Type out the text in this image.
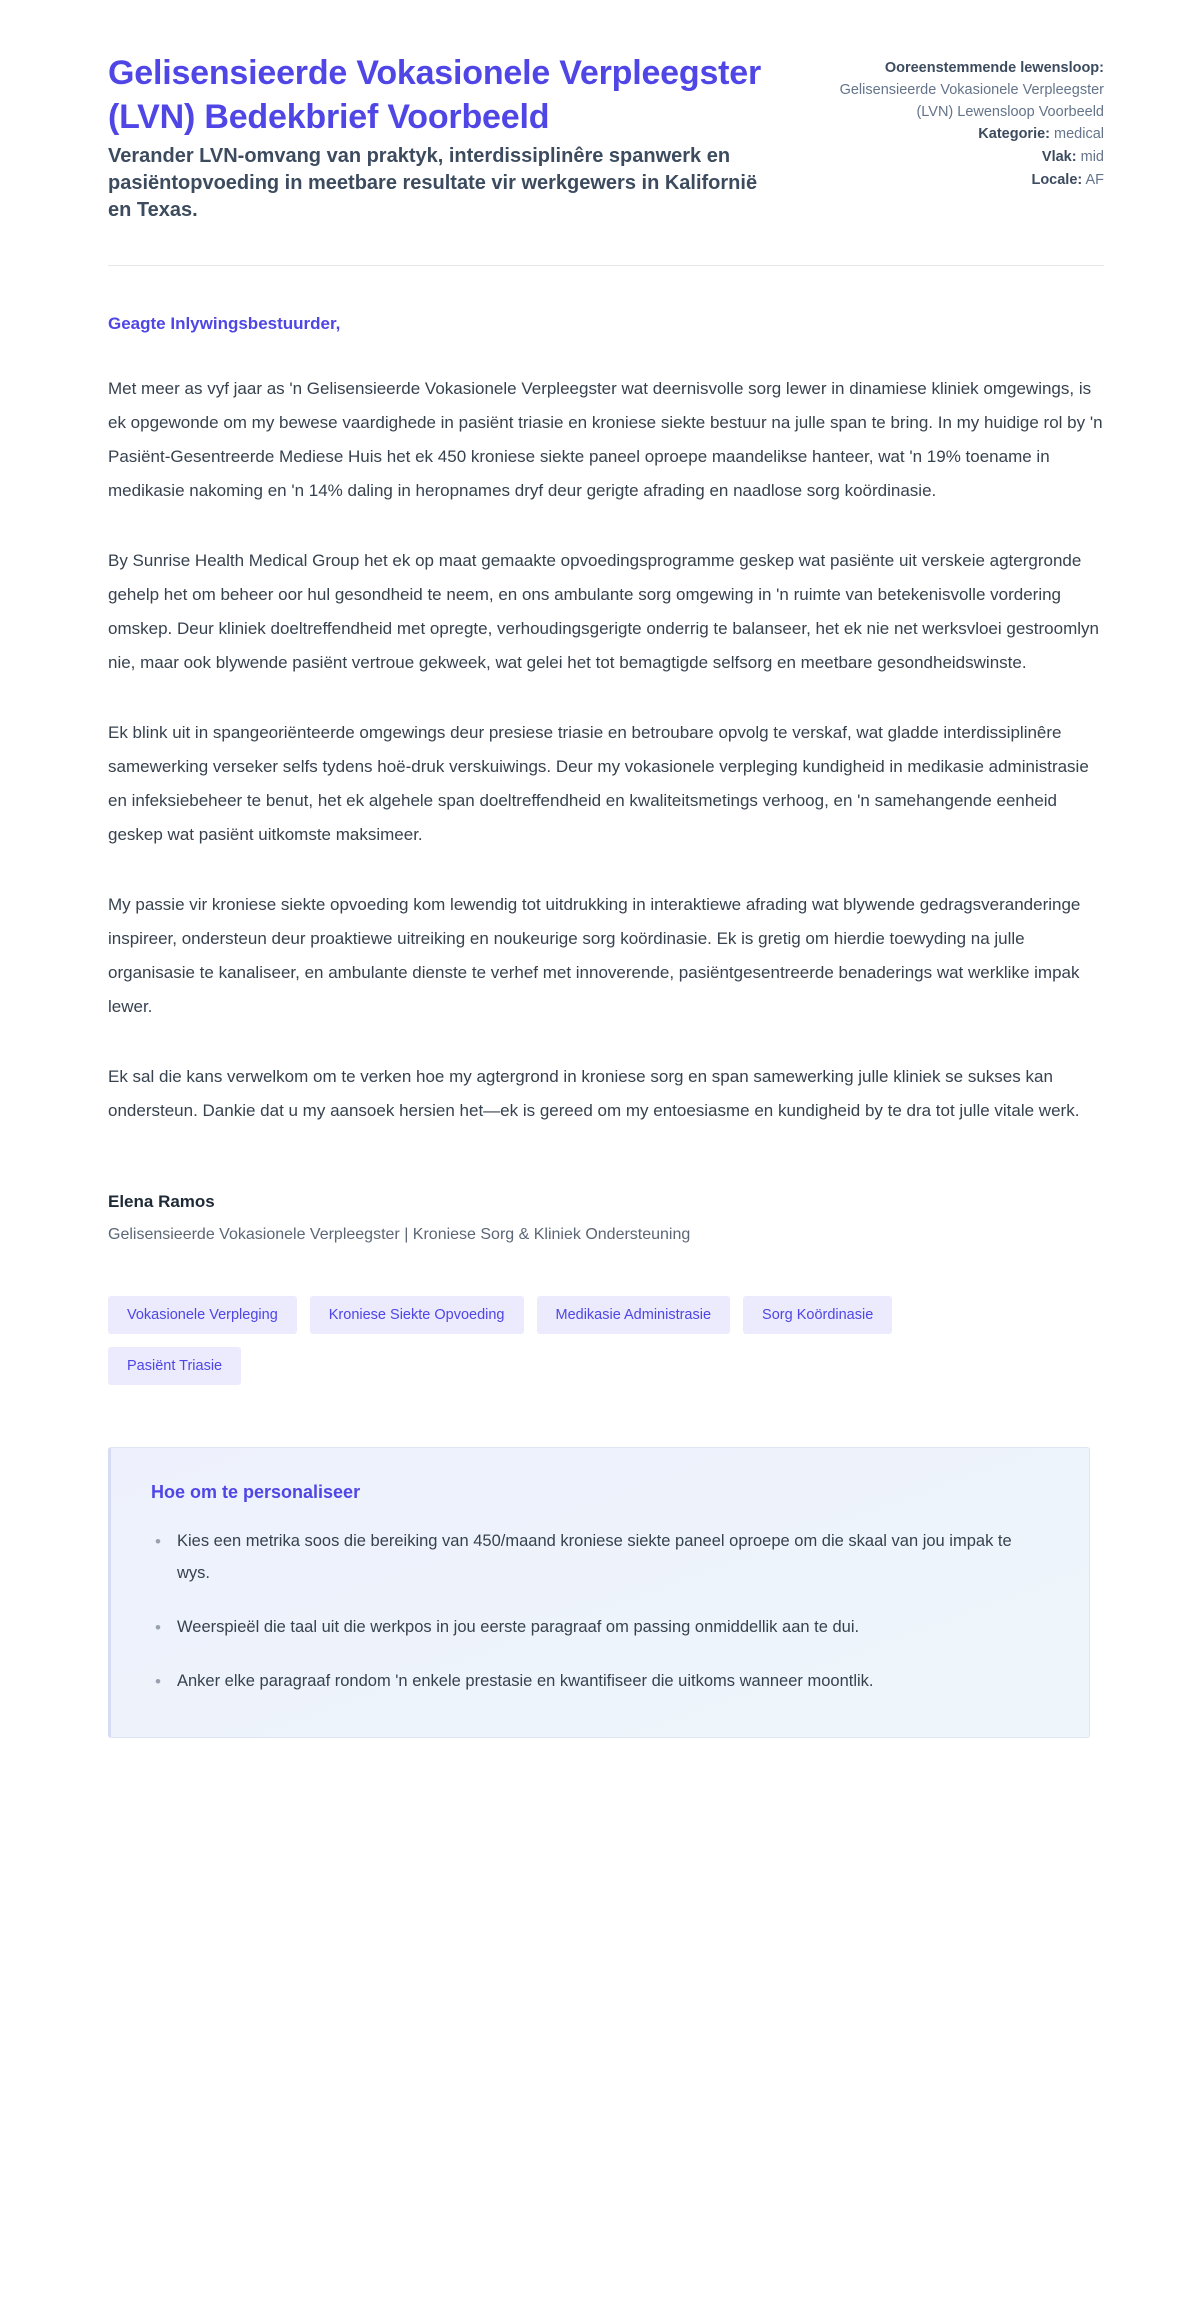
Gelisensieerde Vokasionele Verpleegster (LVN) Bedekbrief Voorbeeld

Verander LVN-omvang van praktyk, interdissiplinêre spanwerk en pasiëntopvoeding in meetbare resultate vir werkgewers in Kalifornië en Texas.

Ooreenstemmende lewensloop: Gelisensieerde Vokasionele Verpleegster (LVN) Lewensloop Voorbeeld
Kategorie: medical
Vlak: mid
Locale: AF

Geagte Inlywingsbestuurder,

Met meer as vyf jaar as 'n Gelisensieerde Vokasionele Verpleegster wat deernisvolle sorg lewer in dinamiese kliniek omgewings, is ek opgewonde om my bewese vaardighede in pasiënt triasie en kroniese siekte bestuur na julle span te bring. In my huidige rol by 'n Pasiënt-Gesentreerde Mediese Huis het ek 450 kroniese siekte paneel oproepe maandelikse hanteer, wat 'n 19% toename in medikasie nakoming en 'n 14% daling in heropnames dryf deur gerigte afrading en naadlose sorg koördinasie.

By Sunrise Health Medical Group het ek op maat gemaakte opvoedingsprogramme geskep wat pasiënte uit verskeie agtergronde gehelp het om beheer oor hul gesondheid te neem, en ons ambulante sorg omgewing in 'n ruimte van betekenisvolle vordering omskep. Deur kliniek doeltreffendheid met opregte, verhoudingsgerigte onderrig te balanseer, het ek nie net werksvloei gestroomlyn nie, maar ook blywende pasiënt vertroue gekweek, wat gelei het tot bemagtigde selfsorg en meetbare gesondheidswinste.

Ek blink uit in spangeoriënteerde omgewings deur presiese triasie en betroubare opvolg te verskaf, wat gladde interdissiplinêre samewerking verseker selfs tydens hoë-druk verskuiwings. Deur my vokasionele verpleging kundigheid in medikasie administrasie en infeksiebeheer te benut, het ek algehele span doeltreffendheid en kwaliteitsmetings verhoog, en 'n samehangende eenheid geskep wat pasiënt uitkomste maksimeer.

My passie vir kroniese siekte opvoeding kom lewendig tot uitdrukking in interaktiewe afrading wat blywende gedragsveranderinge inspireer, ondersteun deur proaktiewe uitreiking en noukeurige sorg koördinasie. Ek is gretig om hierdie toewyding na julle organisasie te kanaliseer, en ambulante dienste te verhef met innoverende, pasiëntgesentreerde benaderings wat werklike impak lewer.

Ek sal die kans verwelkom om te verken hoe my agtergrond in kroniese sorg en span samewerking julle kliniek se sukses kan ondersteun. Dankie dat u my aansoek hersien het—ek is gereed om my entoesiasme en kundigheid by te dra tot julle vitale werk.

Elena Ramos

Gelisensieerde Vokasionele Verpleegster | Kroniese Sorg & Kliniek Ondersteuning

Vokasionele Verpleging	Kroniese Siekte Opvoeding	Medikasie Administrasie	Sorg Koördinasie
Pasiënt Triasie

Hoe om te personaliseer

• Kies een metrika soos die bereiking van 450/maand kroniese siekte paneel oproepe om die skaal van jou impak te wys.
• Weerspieël die taal uit die werkpos in jou eerste paragraaf om passing onmiddellik aan te dui.
• Anker elke paragraaf rondom 'n enkele prestasie en kwantifiseer die uitkoms wanneer moontlik.
